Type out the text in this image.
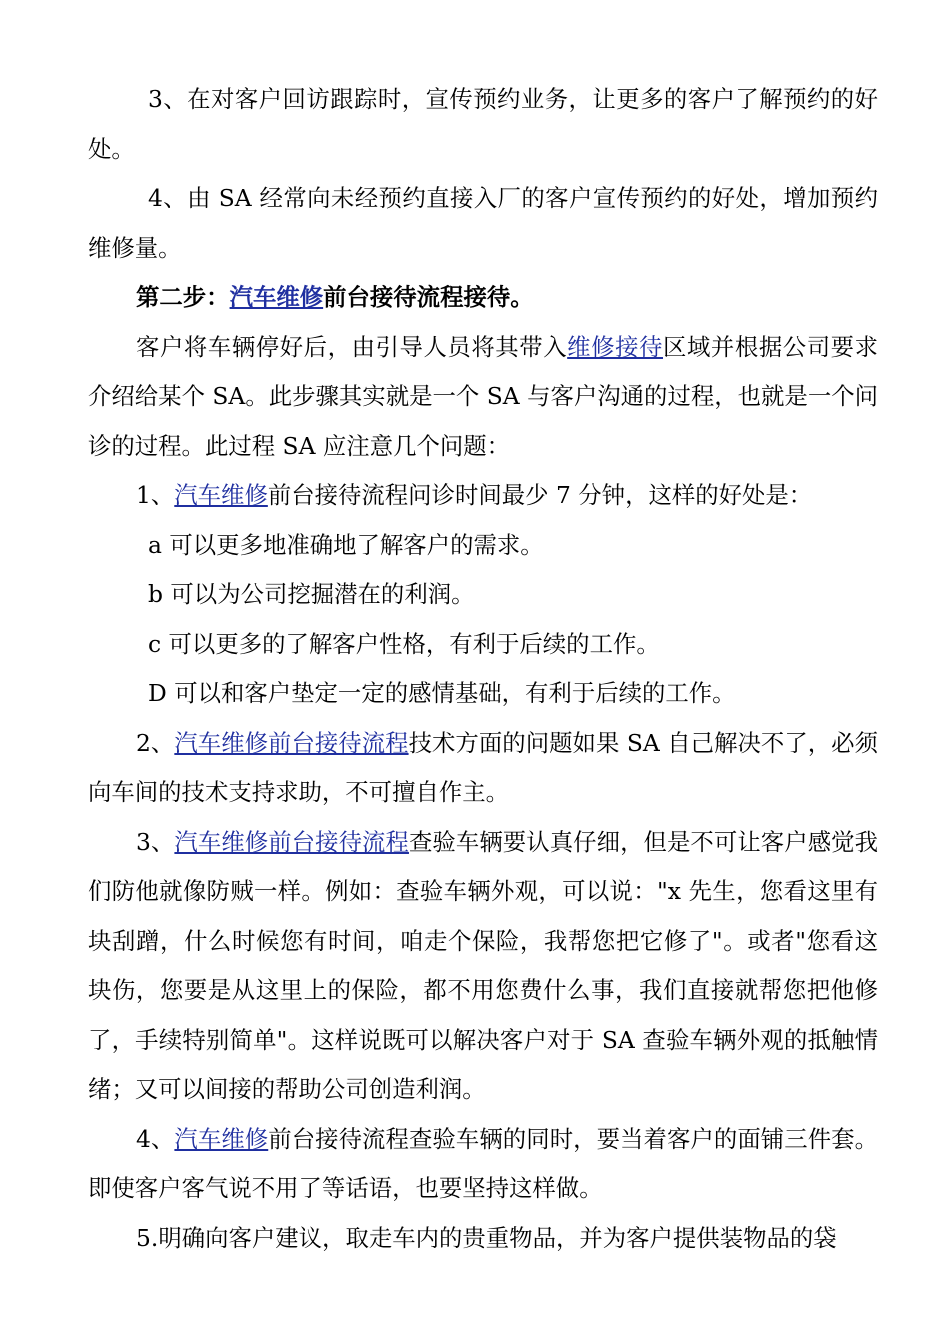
3、在对客户回访跟踪时，宣传预约业务，让更多的客户了解预约的好处。

4、由 SA 经常向未经预约直接入厂的客户宣传预约的好处，增加预约维修量。

第二步：汽车维修前台接待流程接待。

客户将车辆停好后，由引导人员将其带入维修接待区域并根据公司要求介绍给某个 SA。此步骤其实就是一个 SA 与客户沟通的过程，也就是一个问诊的过程。此过程 SA 应注意几个问题：

1、汽车维修前台接待流程问诊时间最少 7 分钟，这样的好处是：

a 可以更多地准确地了解客户的需求。

b 可以为公司挖掘潜在的利润。

c 可以更多的了解客户性格，有利于后续的工作。

D 可以和客户垫定一定的感情基础，有利于后续的工作。

2、汽车维修前台接待流程技术方面的问题如果 SA 自己解决不了，必须向车间的技术支持求助，不可擅自作主。

3、汽车维修前台接待流程查验车辆要认真仔细，但是不可让客户感觉我们防他就像防贼一样。例如：查验车辆外观，可以说："x 先生，您看这里有块刮蹭，什么时候您有时间，咱走个保险，我帮您把它修了"。或者"您看这块伤，您要是从这里上的保险，都不用您费什么事，我们直接就帮您把他修了，手续特别简单"。这样说既可以解决客户对于 SA 查验车辆外观的抵触情绪；又可以间接的帮助公司创造利润。

4、汽车维修前台接待流程查验车辆的同时，要当着客户的面铺三件套。即使客户客气说不用了等话语，也要坚持这样做。

5.明确向客户建议，取走车内的贵重物品，并为客户提供装物品的袋
